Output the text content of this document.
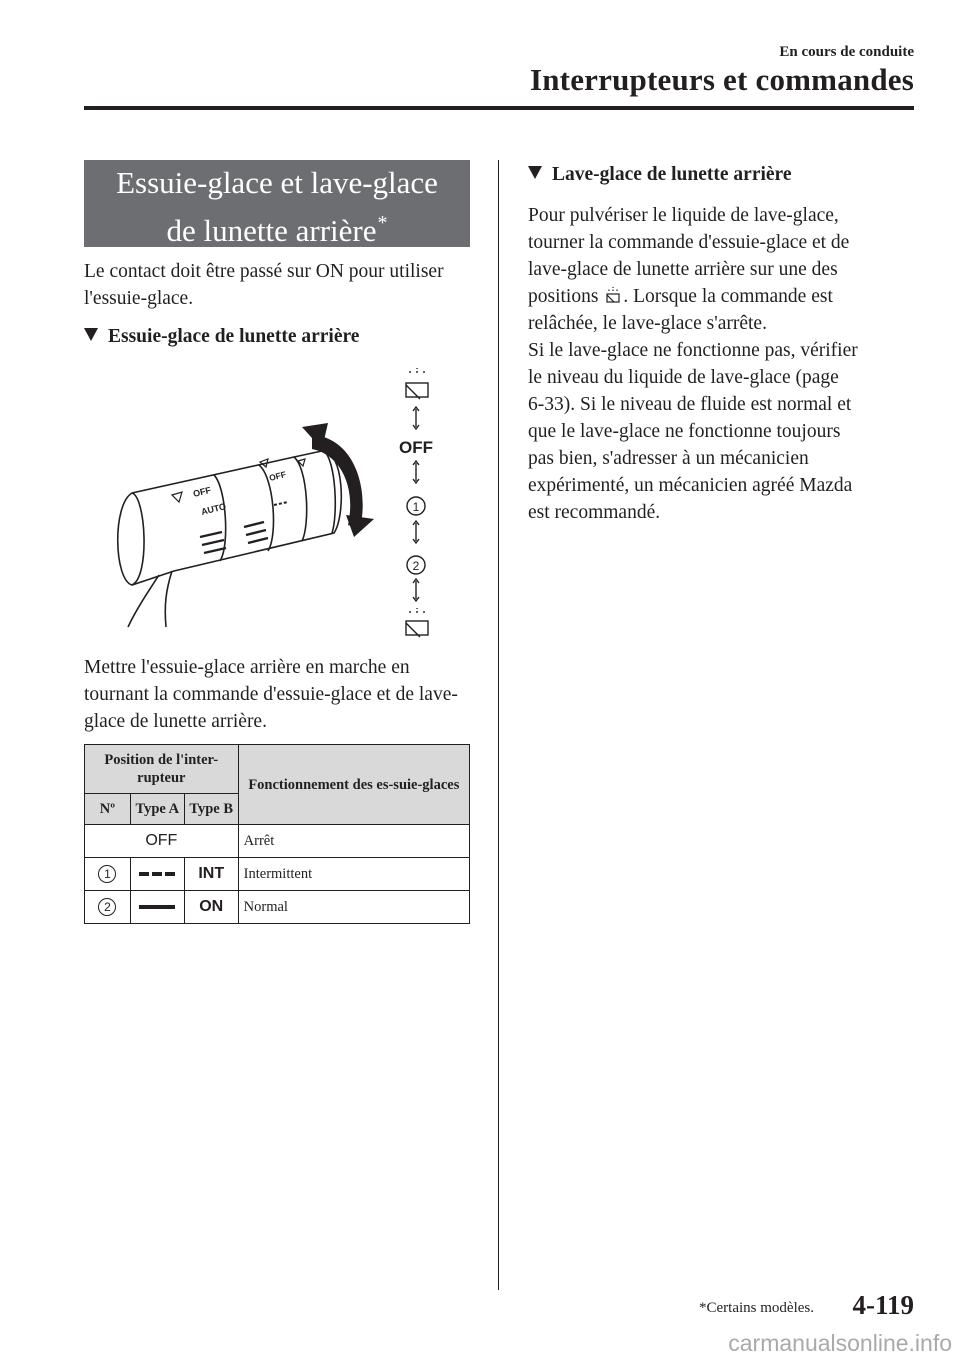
En cours de conduite
Interrupteurs et commandes
Essuie-glace et lave-glace
de lunette arrière*
Le contact doit être passé sur ON pour utiliser l'essuie-glace.
Essuie-glace de lunette arrière
OFF
AUTO
OFF
OFF
1
2
Mettre l'essuie-glace arrière en marche en tournant la commande d'essuie-glace et de lave-glace de lunette arrière.
Position de l'inter-rupteur			Fonctionnement des es-suie-glaces
Nº	Type A	Type B	
OFF			Arrêt
1		INT	Intermittent
2		ON	Normal
Lave-glace de lunette arrière
Pour pulvériser le liquide de lave-glace,
tourner la commande d'essuie-glace et de
lave-glace de lunette arrière sur une des
positions . Lorsque la commande est
relâchée, le lave-glace s'arrête.
Si le lave-glace ne fonctionne pas, vérifier
le niveau du liquide de lave-glace (page
6-33). Si le niveau de fluide est normal et
que le lave-glace ne fonctionne toujours
pas bien, s'adresser à un mécanicien
expérimenté, un mécanicien agréé Mazda
est recommandé.
*Certains modèles. 4-119
carmanualsonline.info
